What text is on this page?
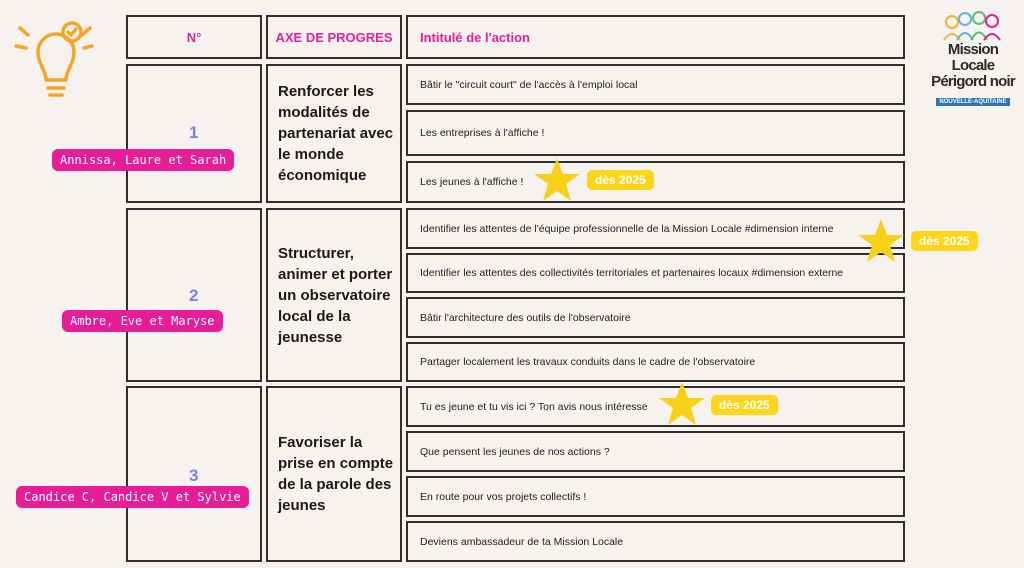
N°	AXE DE PROGRES Intitulé de l'action
Renforcer les modalités de partenariat avec le monde économique
Bâtir le "circuit court" de l'accès à l'emploi local
Les entreprises à l'affiche !
Les jeunes à l'affiche !
Structurer, animer et porter un observatoire local de la jeunesse
Identifier les attentes de l'équipe professionnelle de la Mission Locale #dimension interne
Identifier les attentes des collectivités territoriales et partenaires locaux #dimension externe
Bâtir l'architecture des outils de l'observatoire
Partager localement les travaux conduits dans le cadre de l'observatoire
Favoriser la prise en compte de la parole des jeunes
Tu es jeune et tu vis ici ? Ton avis nous intéresse
Que pensent les jeunes de nos actions ?
En route pour vos projets collectifs !
Deviens ambassadeur de ta Mission Locale
1
2
3
Annissa, Laure et Sarah
Ambre, Eve et Maryse
Candice C, Candice V et Sylvie
dès 2025
dès 2025
dès 2025
Mission Locale
Périgord noir
NOUVELLE-AQUITAINE
